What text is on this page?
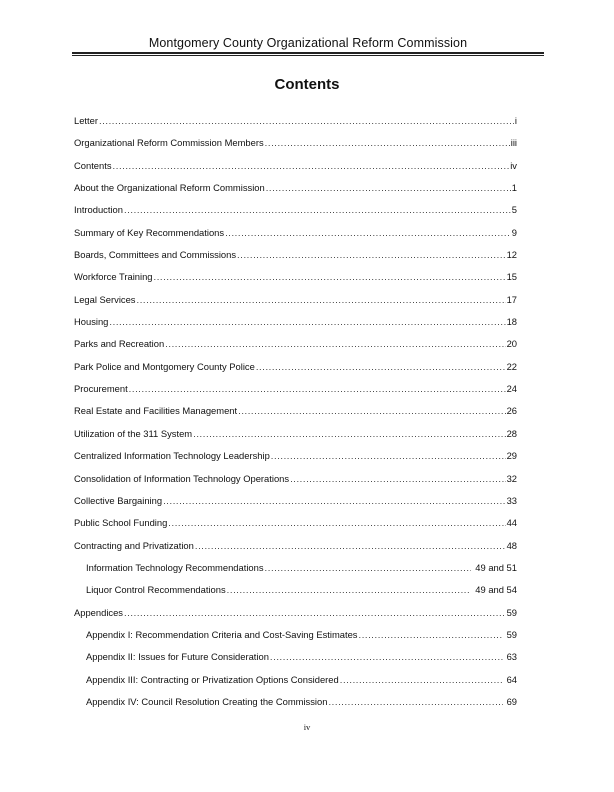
Montgomery County Organizational Reform Commission
Contents
Letter .....	i
Organizational Reform Commission Members .....	iii
Contents .....	iv
About the Organizational Reform Commission .....	1
Introduction .....	5
Summary of Key Recommendations .....	9
Boards, Committees and Commissions .....	12
Workforce Training .....	15
Legal Services .....	17
Housing .....	18
Parks and Recreation .....	20
Park Police and Montgomery County Police .....	22
Procurement .....	24
Real Estate and Facilities Management .....	26
Utilization of the 311 System .....	28
Centralized Information Technology Leadership .....	29
Consolidation of Information Technology Operations .....	32
Collective Bargaining .....	33
Public School Funding .....	44
Contracting and Privatization .....	48
Information Technology Recommendations .....	49 and 51
Liquor Control Recommendations .....	49 and 54
Appendices .....	59
Appendix I: Recommendation Criteria and Cost-Saving Estimates .....	59
Appendix II: Issues for Future Consideration .....	63
Appendix III: Contracting or Privatization Options Considered .....	64
Appendix IV: Council Resolution Creating the Commission .....	69
iv
